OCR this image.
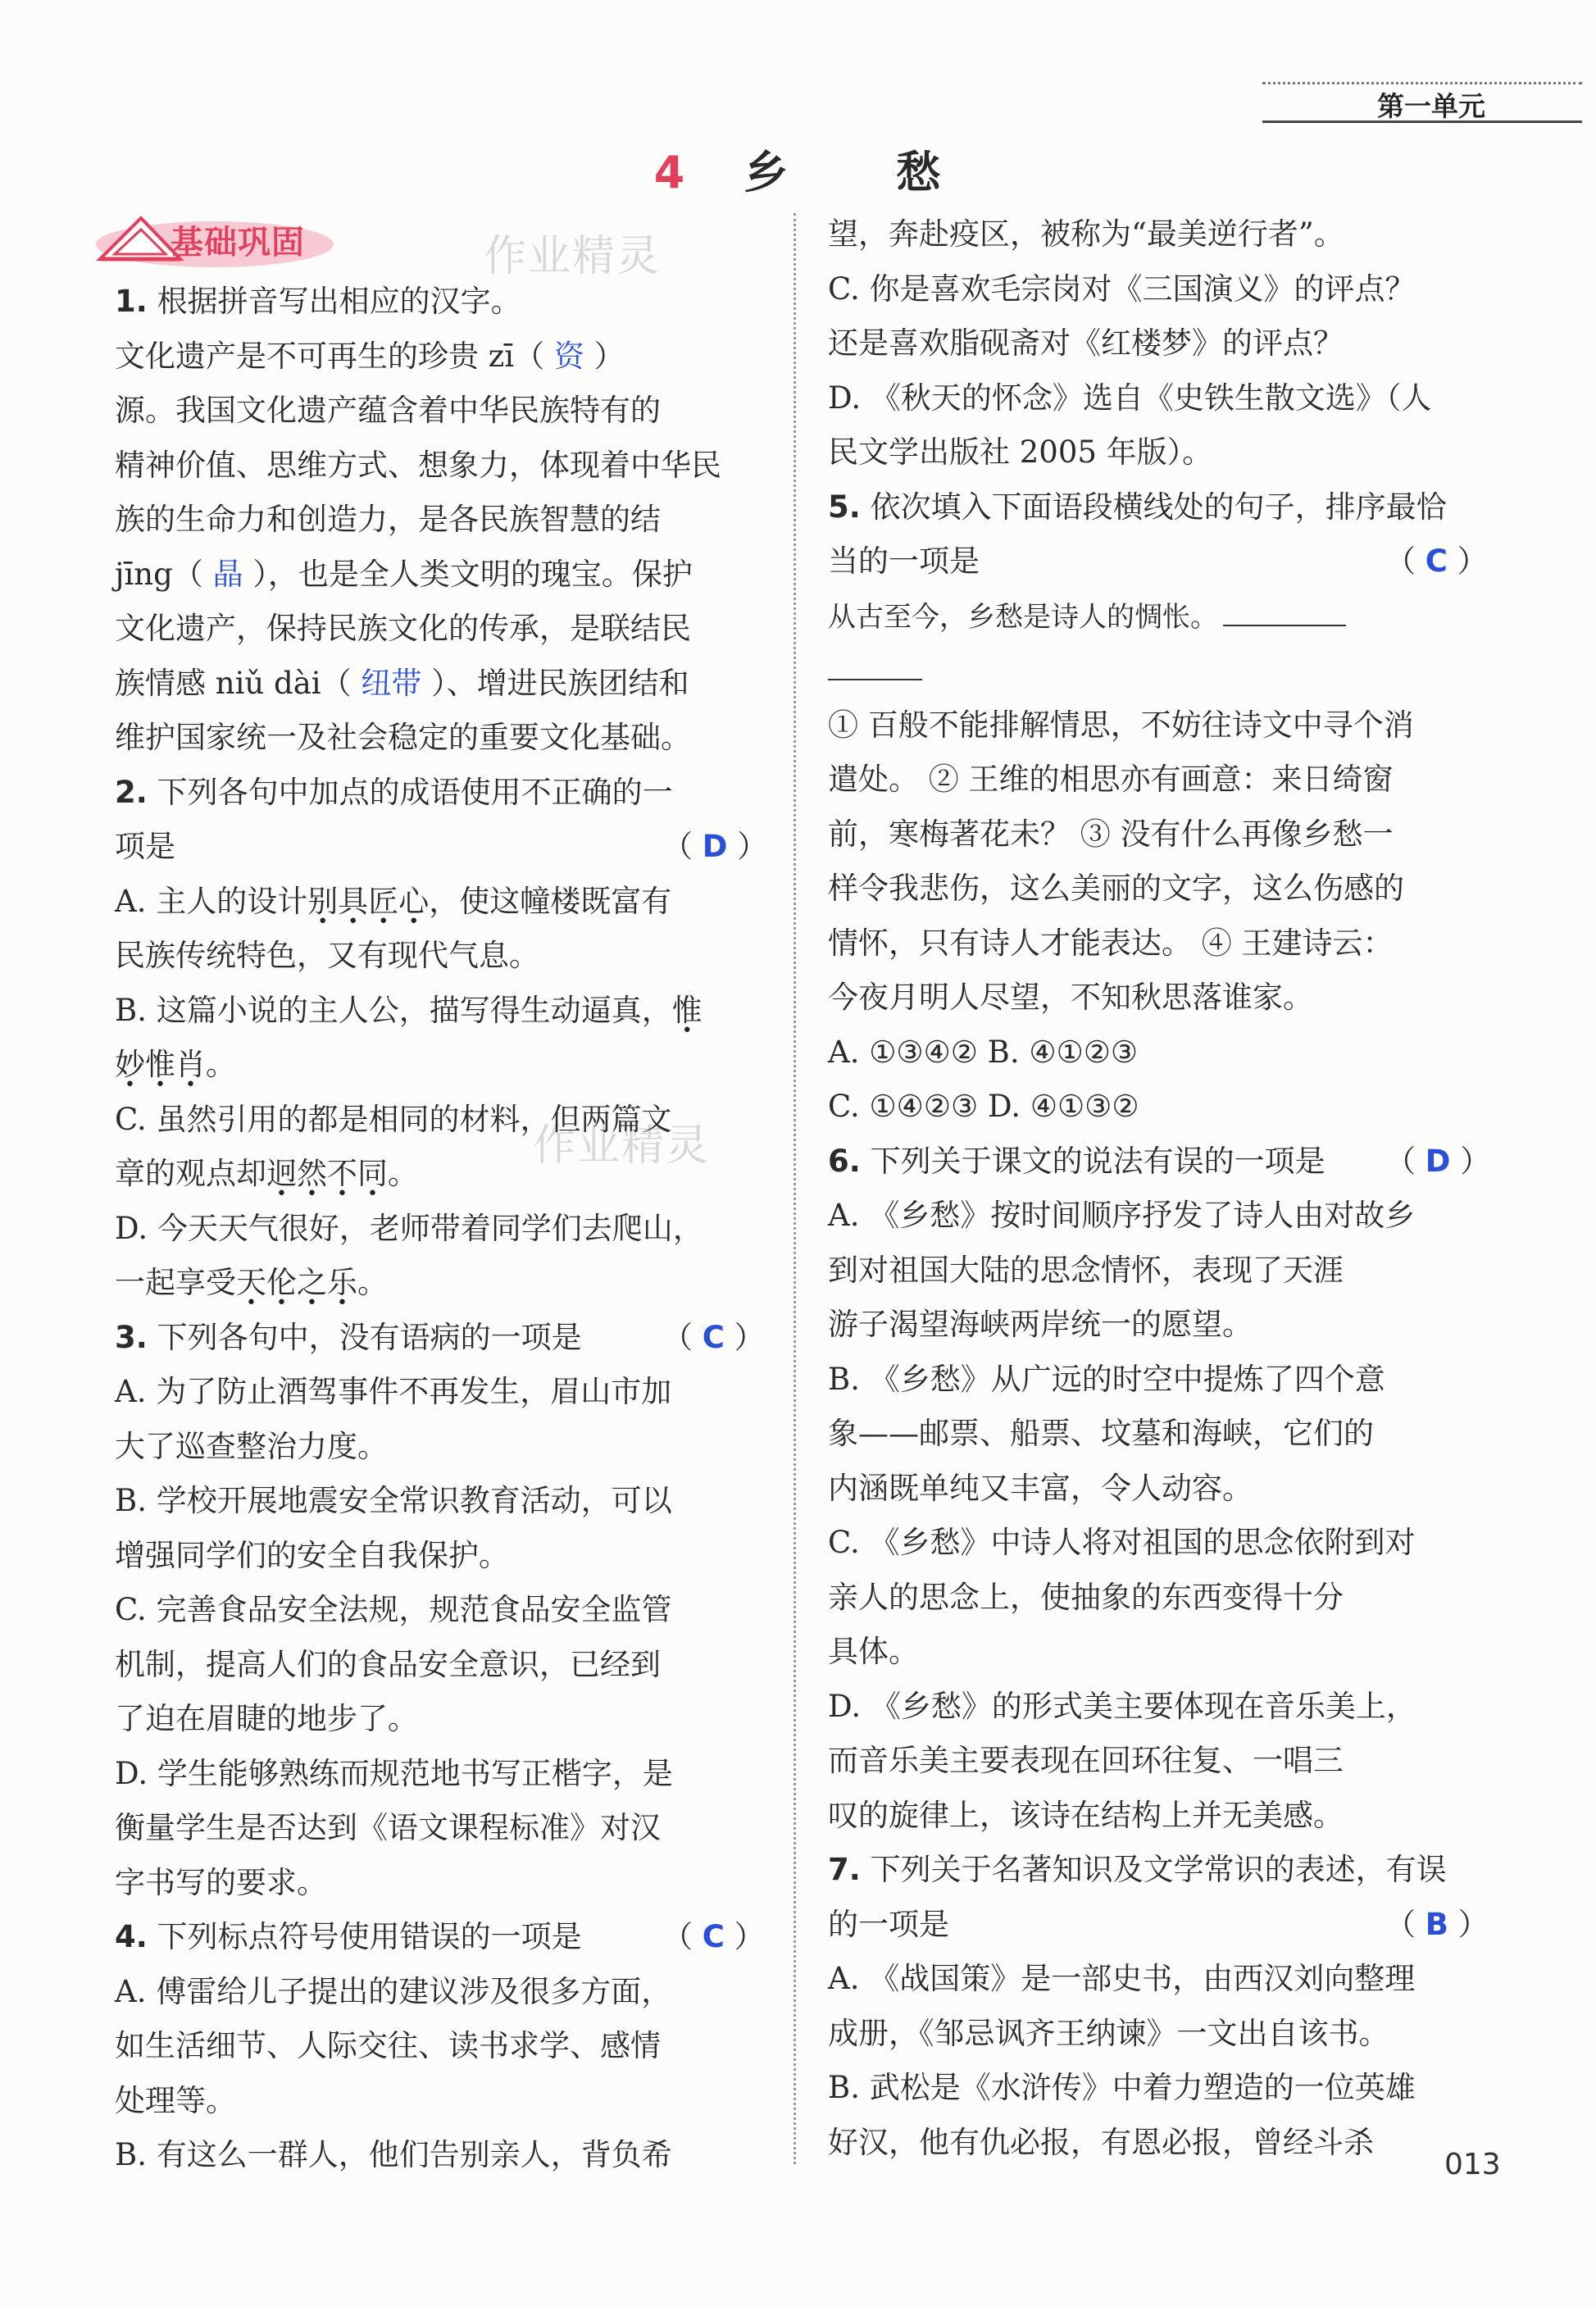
第一单元
4 乡 愁
基础巩固	作业精灵
作业精灵
1. 根据拼音写出相应的汉字。
文化遗产是不可再生的珍贵 zī（ 资 ）
源。我国文化遗产蕴含着中华民族特有的
精神价值、思维方式、想象力，体现着中华民
族的生命力和创造力，是各民族智慧的结
jīng（ 晶 ），也是全人类文明的瑰宝。保护
文化遗产，保持民族文化的传承，是联结民
族情感 niǔ dài（ 纽带 ）、增进民族团结和
维护国家统一及社会稳定的重要文化基础。
2. 下列各句中加点的成语使用不正确的一
项是	（ D ）
A. 主人的设计别具匠心，使这幢楼既富有
民族传统特色，又有现代气息。
B. 这篇小说的主人公，描写得生动逼真，惟
妙惟肖。
C. 虽然引用的都是相同的材料，但两篇文
章的观点却迥然不同。
D. 今天天气很好，老师带着同学们去爬山，
一起享受天伦之乐。
3. 下列各句中，没有语病的一项是	（ C ）
A. 为了防止酒驾事件不再发生，眉山市加
大了巡查整治力度。
B. 学校开展地震安全常识教育活动，可以
增强同学们的安全自我保护。
C. 完善食品安全法规，规范食品安全监管
机制，提高人们的食品安全意识，已经到
了迫在眉睫的地步了。
D. 学生能够熟练而规范地书写正楷字，是
衡量学生是否达到《语文课程标准》对汉
字书写的要求。
4. 下列标点符号使用错误的一项是	（ C ）
A. 傅雷给儿子提出的建议涉及很多方面，
如生活细节、人际交往、读书求学、感情
处理等。
B. 有这么一群人，他们告别亲人，背负希
望，奔赴疫区，被称为“最美逆行者”。
C. 你是喜欢毛宗岗对《三国演义》的评点？
还是喜欢脂砚斋对《红楼梦》的评点？
D. 《秋天的怀念》选自《史铁生散文选》（人
民文学出版社 2005 年版）。
5. 依次填入下面语段横线处的句子，排序最恰
当的一项是	（ C ）
从古至今，乡愁是诗人的惆怅。
① 百般不能排解情思，不妨往诗文中寻个消
遣处。 ② 王维的相思亦有画意：来日绮窗
前，寒梅著花未？ ③ 没有什么再像乡愁一
样令我悲伤，这么美丽的文字，这么伤感的
情怀，只有诗人才能表达。 ④ 王建诗云：
今夜月明人尽望，不知秋思落谁家。
A. ①③④② B. ④①②③
C. ①④②③ D. ④①③②
6. 下列关于课文的说法有误的一项是 （ D ）
A. 《乡愁》按时间顺序抒发了诗人由对故乡
到对祖国大陆的思念情怀，表现了天涯
游子渴望海峡两岸统一的愿望。
B. 《乡愁》从广远的时空中提炼了四个意
象——邮票、船票、坟墓和海峡，它们的
内涵既单纯又丰富，令人动容。
C. 《乡愁》中诗人将对祖国的思念依附到对
亲人的思念上，使抽象的东西变得十分
具体。
D. 《乡愁》的形式美主要体现在音乐美上，
而音乐美主要表现在回环往复、一唱三
叹的旋律上，该诗在结构上并无美感。
7. 下列关于名著知识及文学常识的表述，有误
的一项是	（ B ）
A. 《战国策》是一部史书，由西汉刘向整理
成册，《邹忌讽齐王纳谏》一文出自该书。
B. 武松是《水浒传》中着力塑造的一位英雄
好汉，他有仇必报，有恩必报，曾经斗杀
013
